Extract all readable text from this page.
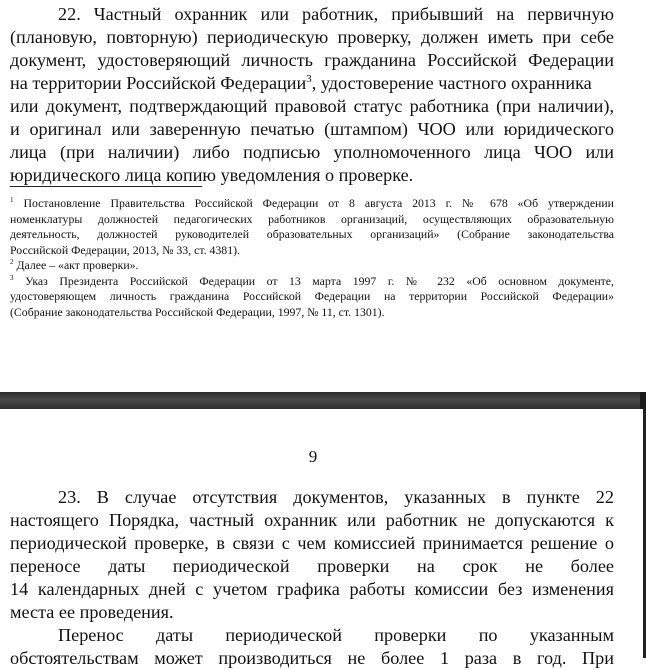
22. Частный охранник или работник, прибывший на первичную

(плановую, повторную) периодическую проверку, должен иметь при себе

документ, удостоверяющий личность гражданина Российской Федерации

на территории Российской Федерации$^3$, удостоверение частного охранника

или документ, подтверждающий правовой статус работника (при наличии),

и оригинал или заверенную печатью (штампом) ЧОО или юридического

лица (при наличии) либо подписью уполномоченного лица ЧОО или

юридического лица копию уведомления о проверке.

$^1$ Постановление Правительства Российской Федерации от 8 августа 2013 г. № 678 «Об утверждении

номенклатуры должностей педагогических работников организаций, осуществляющих образовательную

деятельность, должностей руководителей образовательных организаций» (Собрание законодательства

Российской Федерации, 2013, № 33, ст. 4381).

$^2$ Далее – «акт проверки».

$^3$ Указ Президента Российской Федерации от 13 марта 1997 г. № 232 «Об основном документе,

удостоверяющем личность гражданина Российской Федерации на территории Российской Федерации»

(Собрание законодательства Российской Федерации, 1997, № 11, ст. 1301).

9

23. В случае отсутствия документов, указанных в пункте 22

настоящего Порядка, частный охранник или работник не допускаются к

периодической проверке, в связи с чем комиссией принимается решение о

переносе даты периодической проверки на срок не более

14 календарных дней с учетом графика работы комиссии без изменения

места ее проведения.

Перенос даты периодической проверки по указанным

обстоятельствам может производиться не более 1 раза в год. При
